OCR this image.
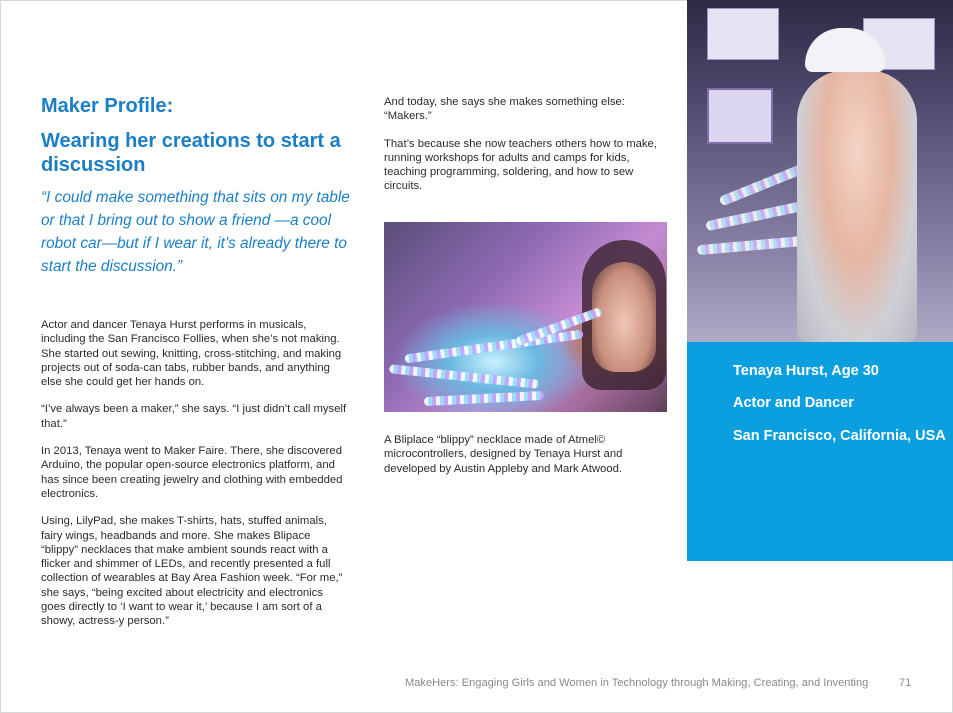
Maker Profile:
Wearing her creations to start a discussion
“I could make something that sits on my table or that I bring out to show a friend —a cool robot car—but if I wear it, it’s already there to start the discussion.”

Actor and dancer Tenaya Hurst performs in musicals, including the San Francisco Follies, when she’s not making. She started out sewing, knitting, cross-stitching, and making projects out of soda-can tabs, rubber bands, and anything else she could get her hands on.

“I’ve always been a maker,” she says. “I just didn’t call myself that.”

In 2013, Tenaya went to Maker Faire. There, she discovered Arduino, the popular open-source electronics platform, and has since been creating jewelry and clothing with embedded electronics.

Using, LilyPad, she makes T-shirts, hats, stuffed animals, fairy wings, headbands and more. She makes Blipace “blippy” necklaces that make ambient sounds react with a flicker and shimmer of LEDs, and recently presented a full collection of wearables at Bay Area Fashion week. “For me,” she says, “being excited about electricity and electronics goes directly to ‘I want to wear it,’ because I am sort of a showy, actress-y person.”

And today, she says she makes something else: “Makers.”

That’s because she now teachers others how to make, running workshops for adults and camps for kids, teaching programming, soldering, and how to sew circuits.

A Bliplace “blippy” necklace made of Atmel© microcontrollers, designed by Tenaya Hurst and developed by Austin Appleby and Mark Atwood.
Tenaya Hurst, Age 30
Actor and Dancer
San Francisco, California, USA
MakeHers: Engaging Girls and Women in Technology through Making, Creating, and Inventing	71
